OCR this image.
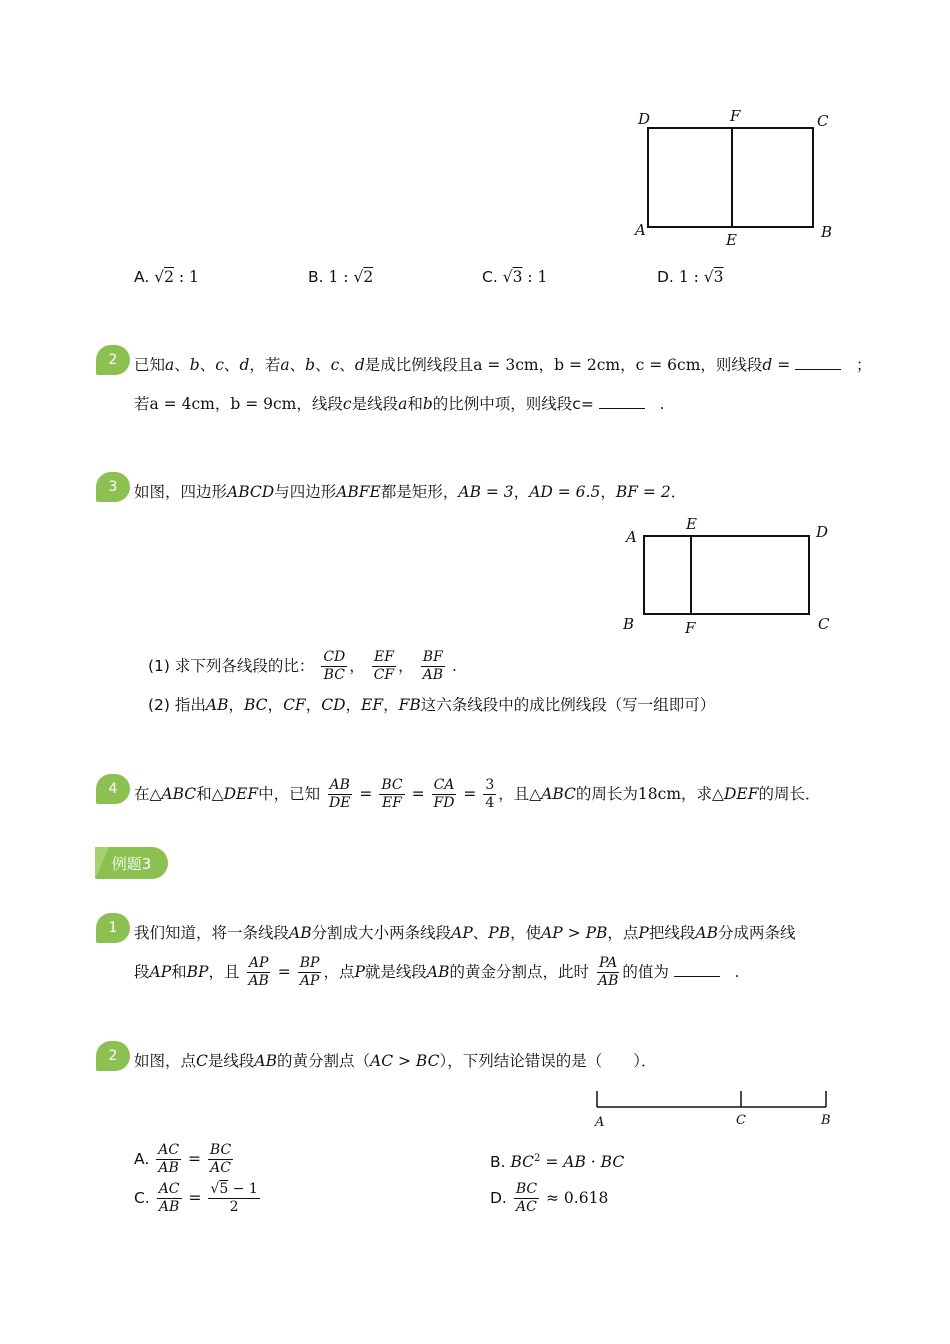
D	F	C
A
E	B
A. √2 : 1	B. 1 : √2	C. √3 : 1	D. 1 : √3
2	已知a、b、c、d，若a、b、c、d是成比例线段且a = 3cm，b = 2cm，c = 6cm，则线段d =	；
若a = 4cm，b = 9cm，线段c是线段a和b的比例中项，则线段c=	.
3	如图，四边形ABCD与四边形ABFE都是矩形，AB = 3，AD = 6.5，BF = 2．
A
E	D
B	F	C
(1) 求下列各线段的比： $\frac{CD}{BC}$ ， $\frac{EF}{CF}$ ， $\frac{BF}{AB}$ .
(2) 指出AB，BC，CF，CD，EF，FB这六条线段中的成比例线段（写一组即可）
4	在△ABC和△DEF中，已知 $\frac{AB}{DE} = \frac{BC}{EF} = \frac{CA}{FD} = \frac{3}{4}$ ，且△ABC的周长为18cm，求△DEF的周长．
例题3
1	我们知道，将一条线段AB分割成大小两条线段AP、PB，使AP > PB，点P把线段AB分成两条线
段AP和BP，且 $\frac{AP}{AB} = \frac{BP}{AP}$ ，点P就是线段AB的黄金分割点，此时 $\frac{PA}{AB}$ 的值为	.
2	如图，点C是线段AB的黄分割点（AC > BC），下列结论错误的是（　　）．
A	C	B
A. $\frac{AC}{AB} = \frac{BC}{AC}$	B. $BC^2$ = AB · BC
C. $\frac{AC}{AB} = \frac{√5 - 1}{2}$	D. $\frac{BC}{AC} \approx 0.618$
